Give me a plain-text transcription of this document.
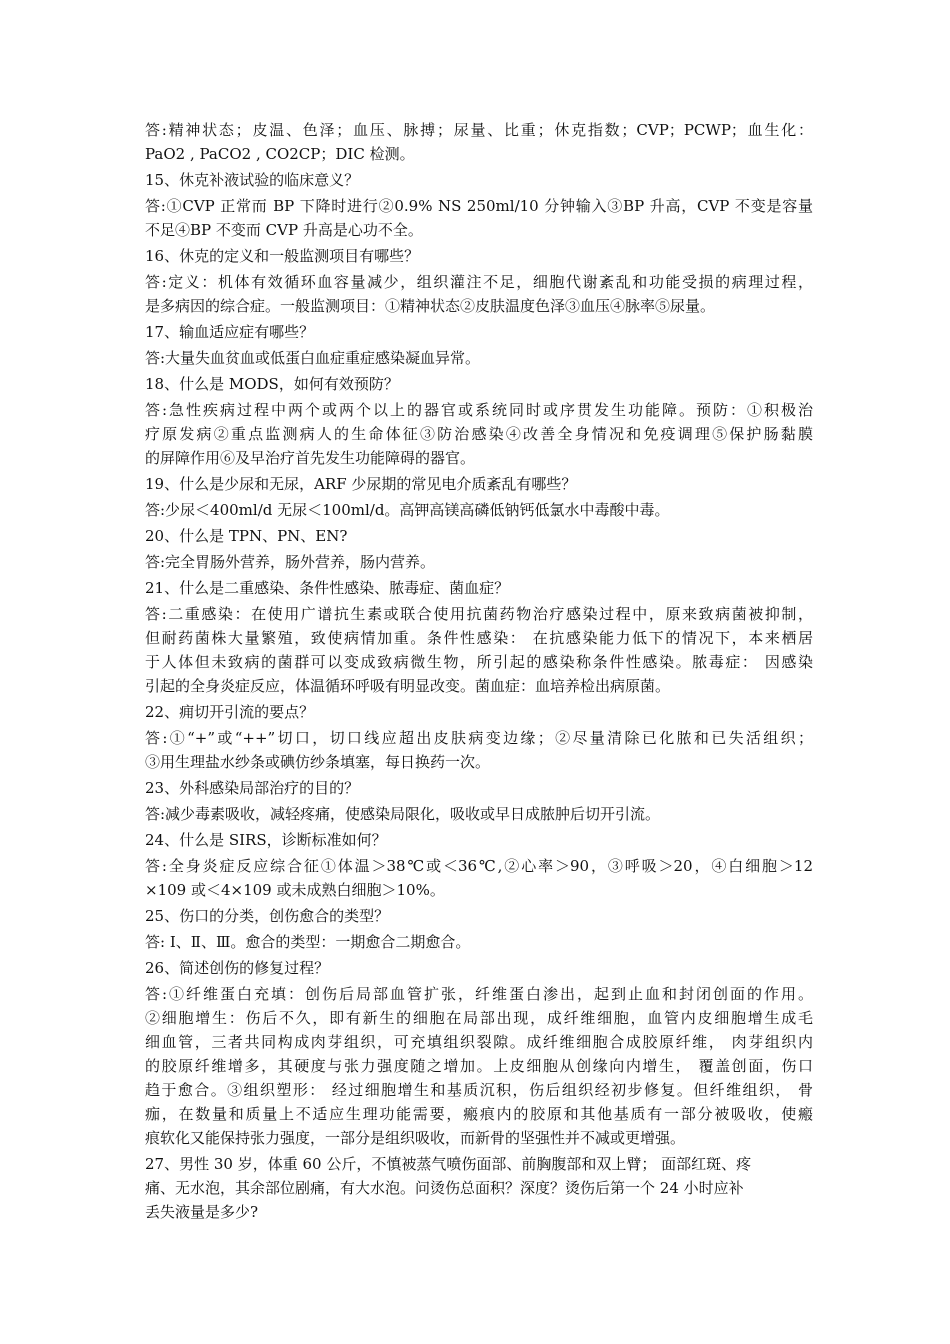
答:精神状态；皮温、色泽；血压、脉搏；尿量、比重；休克指数；CVP；PCWP；血生化：
PaO2 , PaCO2 , CO2CP；DIC 检测。
15、休克补液试验的临床意义？
答:①CVP 正常而 BP 下降时进行②0.9% NS 250ml/10 分钟输入③BP 升高，CVP 不变是容量
不足④BP 不变而 CVP 升高是心功不全。
16、休克的定义和一般监测项目有哪些？
答:定义：机体有效循环血容量减少，组织灌注不足，细胞代谢紊乱和功能受损的病理过程，
是多病因的综合症。一般监测项目：①精神状态②皮肤温度色泽③血压④脉率⑤尿量。
17、输血适应症有哪些？
答:大量失血贫血或低蛋白血症重症感染凝血异常。
18、什么是 MODS，如何有效预防？
答:急性疾病过程中两个或两个以上的器官或系统同时或序贯发生功能障。预防：①积极治
疗原发病②重点监测病人的生命体征③防治感染④改善全身情况和免疫调理⑤保护肠黏膜
的屏障作用⑥及早治疗首先发生功能障碍的器官。
19、什么是少尿和无尿，ARF 少尿期的常见电介质紊乱有哪些？
答:少尿＜400ml/d 无尿＜100ml/d。高钾高镁高磷低钠钙低氯水中毒酸中毒。
20、什么是 TPN、PN、EN?
答:完全胃肠外营养，肠外营养，肠内营养。
21、什么是二重感染、条件性感染、脓毒症、菌血症？
答:二重感染：在使用广谱抗生素或联合使用抗菌药物治疗感染过程中，原来致病菌被抑制，
但耐药菌株大量繁殖，致使病情加重。条件性感染： 在抗感染能力低下的情况下，本来栖居
于人体但未致病的菌群可以变成致病微生物，所引起的感染称条件性感染。脓毒症： 因感染
引起的全身炎症反应，体温循环呼吸有明显改变。菌血症：血培养检出病原菌。
22、痈切开引流的要点？
答:①“+”或“++”切口，切口线应超出皮肤病变边缘；②尽量清除已化脓和已失活组织；
③用生理盐水纱条或碘仿纱条填塞，每日换药一次。
23、外科感染局部治疗的目的？
答:减少毒素吸收，减轻疼痛，使感染局限化，吸收或早日成脓肿后切开引流。
24、什么是 SIRS，诊断标准如何？
答:全身炎症反应综合征①体温＞38℃或＜36℃,②心率＞90，③呼吸＞20，④白细胞＞12
×109 或＜4×109 或未成熟白细胞＞10%。
25、伤口的分类，创伤愈合的类型？
答: Ⅰ、Ⅱ、Ⅲ。愈合的类型：一期愈合二期愈合。
26、简述创伤的修复过程？
答:①纤维蛋白充填：创伤后局部血管扩张，纤维蛋白渗出，起到止血和封闭创面的作用。
②细胞增生：伤后不久，即有新生的细胞在局部出现，成纤维细胞，血管内皮细胞增生成毛
细血管，三者共同构成肉芽组织，可充填组织裂隙。成纤维细胞合成胶原纤维， 肉芽组织内
的胶原纤维增多，其硬度与张力强度随之增加。上皮细胞从创缘向内增生， 覆盖创面，伤口
趋于愈合。③组织塑形： 经过细胞增生和基质沉积，伤后组织经初步修复。但纤维组织， 骨
痂，在数量和质量上不适应生理功能需要，瘢痕内的胶原和其他基质有一部分被吸收，使瘢
痕软化又能保持张力强度，一部分是组织吸收，而新骨的坚强性并不减或更增强。
27、男性 30 岁，体重 60 公斤，不慎被蒸气喷伤面部、前胸腹部和双上臂； 面部红斑、疼
痛、无水泡，其余部位剧痛，有大水泡。问烫伤总面积？深度？烫伤后第一个 24 小时应补
丢失液量是多少?
